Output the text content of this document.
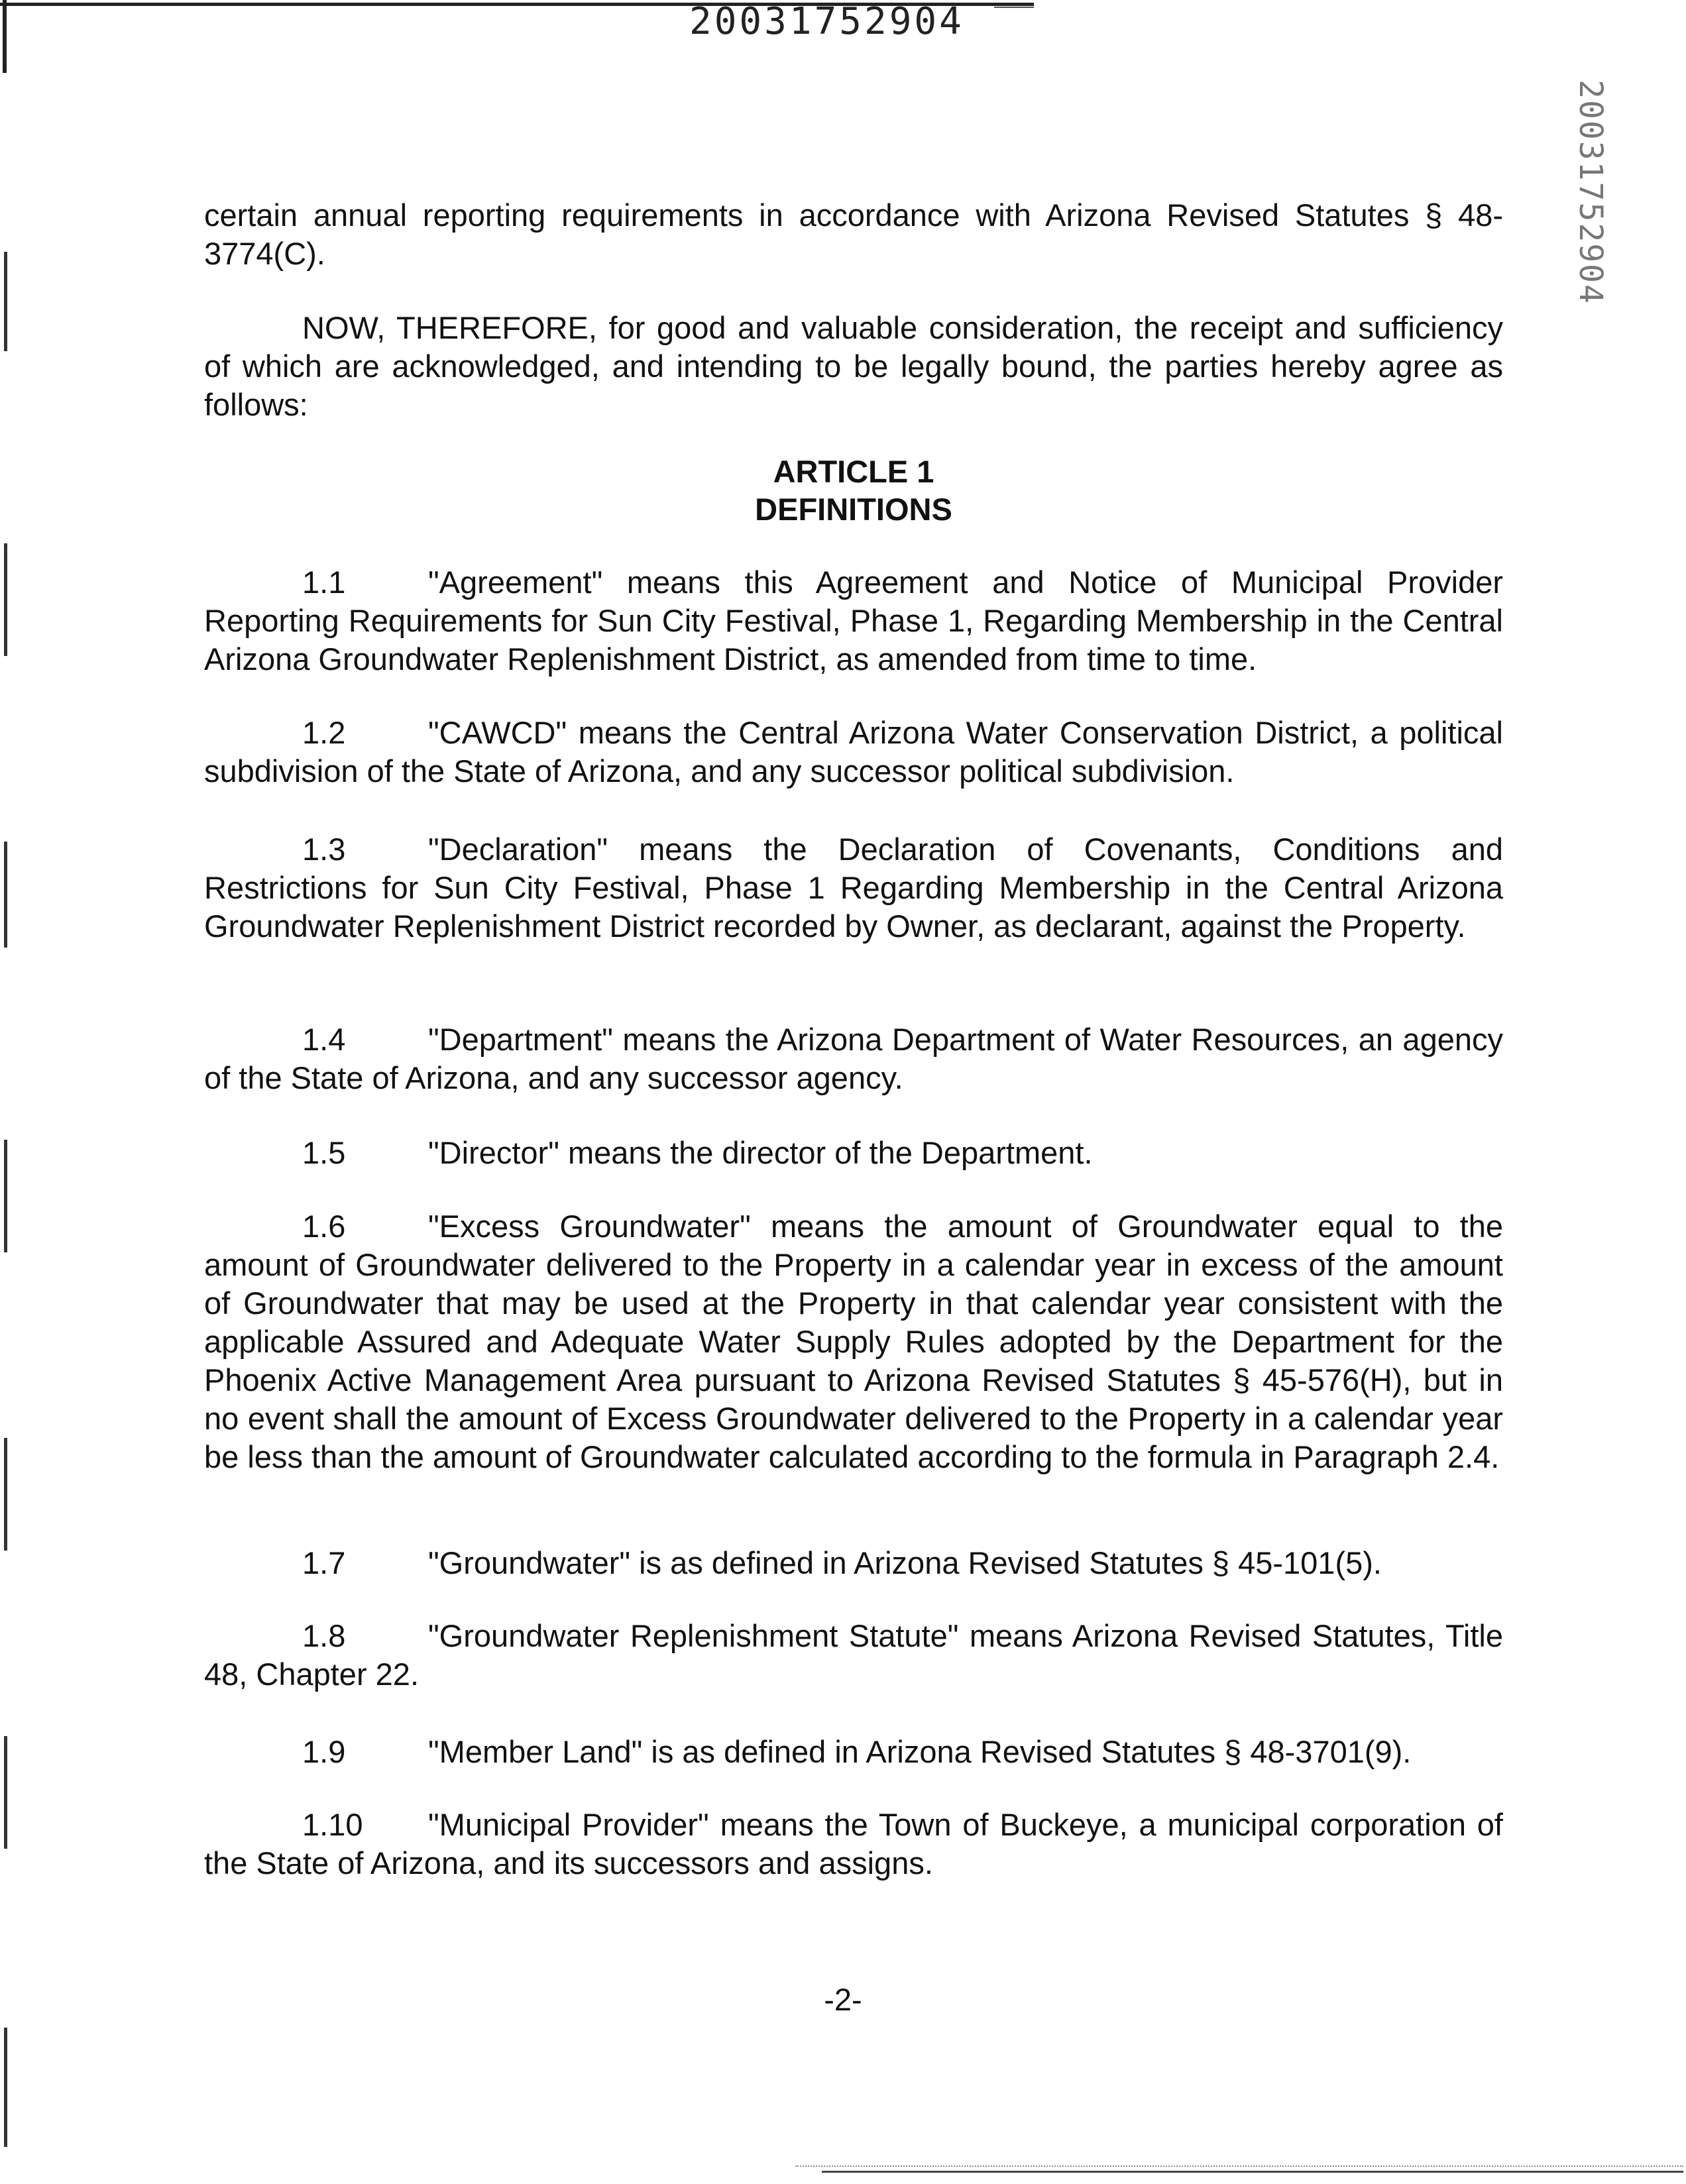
20031752904
20031752904
certain annual reporting requirements in accordance with Arizona Revised Statutes § 48-3774(C).
NOW, THEREFORE, for good and valuable consideration, the receipt and sufficiency of which are acknowledged, and intending to be legally bound, the parties hereby agree as follows:
ARTICLE 1
DEFINITIONS
1.1	"Agreement" means this Agreement and Notice of Municipal Provider Reporting Requirements for Sun City Festival, Phase 1, Regarding Membership in the Central Arizona Groundwater Replenishment District, as amended from time to time.
1.2	"CAWCD" means the Central Arizona Water Conservation District, a political subdivision of the State of Arizona, and any successor political subdivision.
1.3	"Declaration" means the Declaration of Covenants, Conditions and Restrictions for Sun City Festival, Phase 1 Regarding Membership in the Central Arizona Groundwater Replenishment District recorded by Owner, as declarant, against the Property.
1.4	"Department" means the Arizona Department of Water Resources, an agency of the State of Arizona, and any successor agency.
1.5	"Director" means the director of the Department.
1.6	"Excess Groundwater" means the amount of Groundwater equal to the amount of Groundwater delivered to the Property in a calendar year in excess of the amount of Groundwater that may be used at the Property in that calendar year consistent with the applicable Assured and Adequate Water Supply Rules adopted by the Department for the Phoenix Active Management Area pursuant to Arizona Revised Statutes § 45-576(H), but in no event shall the amount of Excess Groundwater delivered to the Property in a calendar year be less than the amount of Groundwater calculated according to the formula in Paragraph 2.4.
1.7	"Groundwater" is as defined in Arizona Revised Statutes § 45-101(5).
1.8	"Groundwater Replenishment Statute" means Arizona Revised Statutes, Title 48, Chapter 22.
1.9	"Member Land" is as defined in Arizona Revised Statutes § 48-3701(9).
1.10 "Municipal Provider" means the Town of Buckeye, a municipal corporation of the State of Arizona, and its successors and assigns.
-2-
